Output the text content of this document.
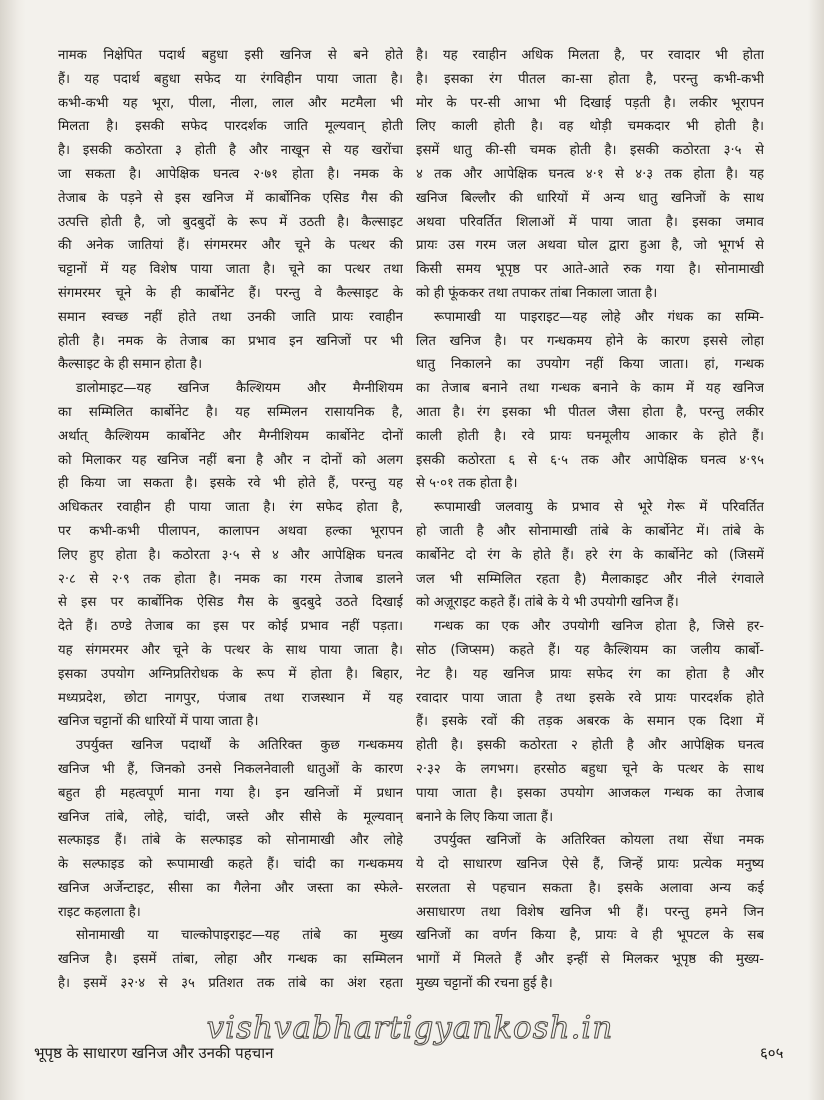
नामक निक्षेपित पदार्थ बहुधा इसी खनिज से बने होते
हैं। यह पदार्थ बहुधा सफेद या रंगविहीन पाया जाता है।
कभी-कभी यह भूरा, पीला, नीला, लाल और मटमैला भी
मिलता है। इसकी सफेद पारदर्शक जाति मूल्यवान् होती
है। इसकी कठोरता ३ होती है और नाखून से यह खरोंचा
जा सकता है। आपेक्षिक घनत्व २·७१ होता है। नमक के
तेजाब के पड़ने से इस खनिज में कार्बोनिक एसिड गैस की
उत्पत्ति होती है, जो बुदबुदों के रूप में उठती है। कैल्साइट
की अनेक जातियां हैं। संगमरमर और चूने के पत्थर की
चट्टानों में यह विशेष पाया जाता है। चूने का पत्थर तथा
संगमरमर चूने के ही कार्बोनेट हैं। परन्तु वे कैल्साइट के
समान स्वच्छ नहीं होते तथा उनकी जाति प्रायः रवाहीन
होती है। नमक के तेजाब का प्रभाव इन खनिजों पर भी
कैल्साइट के ही समान होता है।
डालोमाइट—यह खनिज कैल्शियम और मैग्नीशियम
का सम्मिलित कार्बोनेट है। यह सम्मिलन रासायनिक है,
अर्थात् कैल्शियम कार्बोनेट और मैग्नीशियम कार्बोनेट दोनों
को मिलाकर यह खनिज नहीं बना है और न दोनों को अलग
ही किया जा सकता है। इसके रवे भी होते हैं, परन्तु यह
अधिकतर रवाहीन ही पाया जाता है। रंग सफेद होता है,
पर कभी-कभी पीलापन, कालापन अथवा हल्का भूरापन
लिए हुए होता है। कठोरता ३·५ से ४ और आपेक्षिक घनत्व
२·८ से २·९ तक होता है। नमक का गरम तेजाब डालने
से इस पर कार्बोनिक ऐसिड गैस के बुदबुदे उठते दिखाई
देते हैं। ठण्डे तेजाब का इस पर कोई प्रभाव नहीं पड़ता।
यह संगमरमर और चूने के पत्थर के साथ पाया जाता है।
इसका उपयोग अग्निप्रतिरोधक के रूप में होता है। बिहार,
मध्यप्रदेश, छोटा नागपुर, पंजाब तथा राजस्थान में यह
खनिज चट्टानों की धारियों में पाया जाता है।
उपर्युक्त खनिज पदार्थों के अतिरिक्त कुछ गन्धकमय
खनिज भी हैं, जिनको उनसे निकलनेवाली धातुओं के कारण
बहुत ही महत्वपूर्ण माना गया है। इन खनिजों में प्रधान
खनिज तांबे, लोहे, चांदी, जस्ते और सीसे के मूल्यवान्
सल्फाइड हैं। तांबे के सल्फाइड को सोनामाखी और लोहे
के सल्फाइड को रूपामाखी कहते हैं। चांदी का गन्धकमय
खनिज अर्जेन्टाइट, सीसा का गैलेना और जस्ता का स्फेले-
राइट कहलाता है।
सोनामाखी या चाल्कोपाइराइट—यह तांबे का मुख्य
खनिज है। इसमें तांबा, लोहा और गन्धक का सम्मिलन
है। इसमें ३२·४ से ३५ प्रतिशत तक तांबे का अंश रहता
है। यह रवाहीन अधिक मिलता है, पर रवादार भी होता
है। इसका रंग पीतल का-सा होता है, परन्तु कभी-कभी
मोर के पर-सी आभा भी दिखाई पड़ती है। लकीर भूरापन
लिए काली होती है। वह थोड़ी चमकदार भी होती है।
इसमें धातु की-सी चमक होती है। इसकी कठोरता ३·५ से
४ तक और आपेक्षिक घनत्व ४·१ से ४·३ तक होता है। यह
खनिज बिल्लौर की धारियों में अन्य धातु खनिजों के साथ
अथवा परिवर्तित शिलाओं में पाया जाता है। इसका जमाव
प्रायः उस गरम जल अथवा घोल द्वारा हुआ है, जो भूगर्भ से
किसी समय भूपृष्ठ पर आते-आते रुक गया है। सोनामाखी
को ही फूंककर तथा तपाकर तांबा निकाला जाता है।
रूपामाखी या पाइराइट—यह लोहे और गंधक का सम्मि-
लित खनिज है। पर गन्धकमय होने के कारण इससे लोहा
धातु निकालने का उपयोग नहीं किया जाता। हां, गन्धक
का तेजाब बनाने तथा गन्धक बनाने के काम में यह खनिज
आता है। रंग इसका भी पीतल जैसा होता है, परन्तु लकीर
काली होती है। रवे प्रायः घनमूलीय आकार के होते हैं।
इसकी कठोरता ६ से ६·५ तक और आपेक्षिक घनत्व ४·९५
से ५·०१ तक होता है।
रूपामाखी जलवायु के प्रभाव से भूरे गेरू में परिवर्तित
हो जाती है और सोनामाखी तांबे के कार्बोनेट में। तांबे के
कार्बोनेट दो रंग के होते हैं। हरे रंग के कार्बोनेट को (जिसमें
जल भी सम्मिलित रहता है) मैलाकाइट और नीले रंगवाले
को अज़ूराइट कहते हैं। तांबे के ये भी उपयोगी खनिज हैं।
गन्धक का एक और उपयोगी खनिज होता है, जिसे हर-
सोठ (जिप्सम) कहते हैं। यह कैल्शियम का जलीय कार्बो-
नेट है। यह खनिज प्रायः सफेद रंग का होता है और
रवादार पाया जाता है तथा इसके रवे प्रायः पारदर्शक होते
हैं। इसके रवों की तड़क अबरक के समान एक दिशा में
होती है। इसकी कठोरता २ होती है और आपेक्षिक घनत्व
२·३२ के लगभग। हरसोठ बहुधा चूने के पत्थर के साथ
पाया जाता है। इसका उपयोग आजकल गन्धक का तेजाब
बनाने के लिए किया जाता हैं।
उपर्युक्त खनिजों के अतिरिक्त कोयला तथा सेंधा नमक
ये दो साधारण खनिज ऐसे हैं, जिन्हें प्रायः प्रत्येक मनुष्य
सरलता से पहचान सकता है। इसके अलावा अन्य कई
असाधारण तथा विशेष खनिज भी हैं। परन्तु हमने जिन
खनिजों का वर्णन किया है, प्रायः वे ही भूपटल के सब
भागों में मिलते हैं और इन्हीं से मिलकर भूपृष्ठ की मुख्य-
मुख्य चट्टानों की रचना हुई है।
vishvabhartigyankosh.in
भूपृष्ठ के साधारण खनिज और उनकी पहचान	६०५
